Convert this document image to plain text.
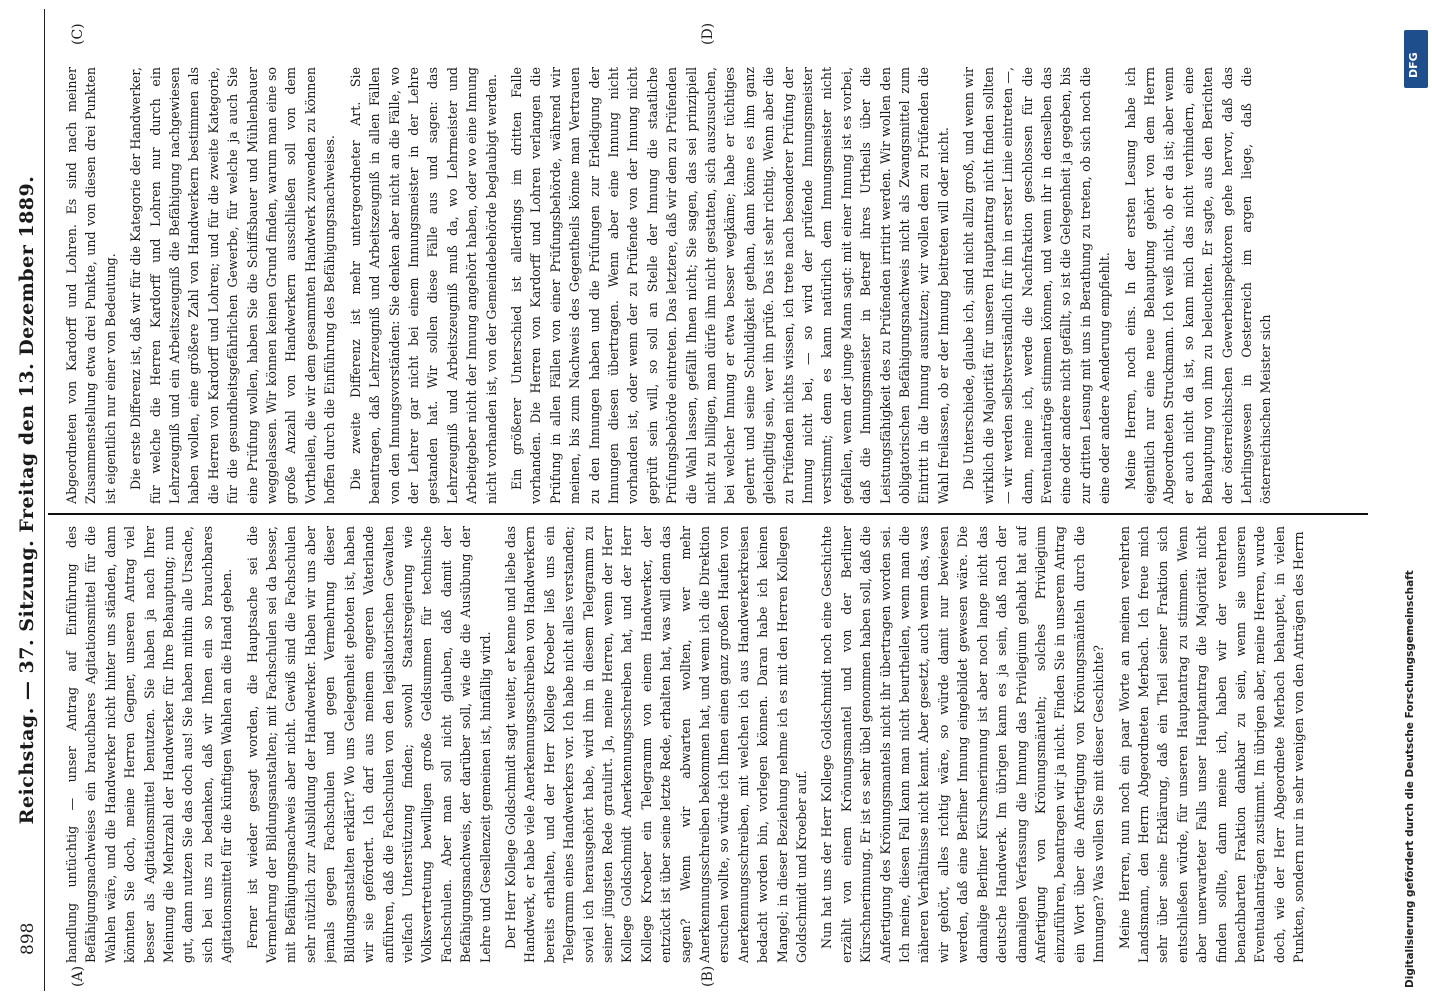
898
Reichstag. — 37. Sitzung. Freitag den 13. Dezember 1889.
(A)	(B)
(C)	(D)

handlung untüchtig — unser Antrag auf Einführung des Befähigungsnachweises ein brauchbares Agitationsmittel für die Wahlen wäre, und die Handwerker nicht hinter uns ständen, dann könnten Sie doch, meine Herren Gegner, unseren Antrag viel besser als Agitationsmittel benutzen. Sie haben ja nach Ihrer Meinung die Mehrzahl der Handwerker für Ihre Behauptung; nun gut, dann nutzen Sie das doch aus! Sie haben mithin alle Ursache, sich bei uns zu bedanken, daß wir Ihnen ein so brauchbares Agitationsmittel für die künftigen Wahlen an die Hand geben. Ferner ist wieder gesagt worden, die Hauptsache sei die Vermehrung der Bildungsanstalten; mit Fachschulen sei da besser, mit Befähigungsnachweis aber nicht. Gewiß sind die Fachschulen sehr nützlich zur Ausbildung der Handwerker. Haben wir uns aber jemals gegen Fachschulen und gegen Vermehrung dieser Bildungsanstalten erklärt? Wo uns Gelegenheit geboten ist, haben wir sie gefördert. Ich darf aus meinem engeren Vaterlande anführen, daß die Fachschulen von den legislatorischen Gewalten vielfach Unterstützung finden; sowohl Staatsregierung wie Volksvertretung bewilligen große Geldsummen für technische Fachschulen. Aber man soll nicht glauben, daß damit der Befähigungsnachweis, der darüber soll, wie die die Ausübung der Lehre und Gesellenzeit gemeinen ist, hinfällig wird. Der Herr Kollege Goldschmidt sagt weiter, er kenne und liebe das Handwerk, er habe viele Anerkennungsschreiben von Handwerkern bereits erhalten, und der Herr Kollege Kroeber ließ uns ein Telegramm eines Handwerkers vor. Ich habe nicht alles verstanden; soviel ich herausgehört habe, wird ihm in diesem Telegramm zu seiner jüngsten Rede gratulirt. Ja, meine Herren, wenn der Herr Kollege Goldschmidt Anerkennungsschreiben hat, und der Herr Kollege Kroeber ein Telegramm von einem Handwerker, der entzückt ist über seine letzte Rede, erhalten hat, was will denn das sagen? Wenn wir abwarten wollten, wer mehr Anerkennungsschreiben bekommen hat, und wenn ich die Direktion ersuchen wollte, so würde ich Ihnen einen ganz großen Haufen von Anerkennungsschreiben, mit welchen ich aus Handwerkerkreisen bedacht worden bin, vorlegen können. Daran habe ich keinen Mangel; in dieser Beziehung nehme ich es mit den Herren Kollegen Goldschmidt und Kroeber auf. Nun hat uns der Herr Kollege Goldschmidt noch eine Geschichte erzählt von einem Krönungsmantel und von der Berliner Kürschnerinnung. Er ist es sehr übel genommen haben soll, daß die Anfertigung des Krönungsmantels nicht ihr übertragen worden sei. Ich meine, diesen Fall kann man nicht beurtheilen, wenn man die näheren Verhältnisse nicht kennt. Aber gesetzt, auch wenn das, was wir gehört, alles richtig wäre, so würde damit nur bewiesen werden, daß eine Berliner Innung eingebildet gewesen wäre. Die damalige Berliner Kürschnerinnung ist aber noch lange nicht das deutsche Handwerk. Im übrigen kann es ja sein, daß nach der damaligen Verfassung die Innung das Privilegium gehabt hat auf Anfertigung von Krönungsmänteln; solches Privilegium einzuführen, beantragen wir ja nicht. Finden Sie in unserem Antrag ein Wort über die Anfertigung von Krönungsmänteln durch die Innungen? Was wollen Sie mit dieser Geschichte? Meine Herren, nun noch ein paar Worte an meinen verehrten Landsmann, den Herrn Abgeordneten Merbach. Ich freue mich sehr über seine Erklärung, daß ein Theil seiner Fraktion sich entschließen würde, für unseren Hauptantrag zu stimmen. Wenn aber unerwarteter Falls unser Hauptantrag die Majorität nicht finden sollte, dann meine ich, haben wir der verehrten benachbarten Fraktion dankbar zu sein, wenn sie unseren Eventualanträgen zustimmt. Im übrigen aber, meine Herren, wurde doch, wie der Herr Abgeordnete Merbach behauptet, in vielen Punkten, sondern nur in sehr wenigen von den Anträgen des Herrn

Abgeordneten von Kardorff und Lohren. Es sind nach meiner Zusammenstellung etwa drei Punkte, und von diesen drei Punkten ist eigentlich nur einer von Bedeutung. Die erste Differenz ist, daß wir für die Kategorie der Handwerker, für welche die Herren Kardorff und Lohren nur durch ein Lehrzeugniß und ein Arbeitszeugniß die Befähigung nachgewiesen haben wollen, eine größere Zahl von Handwerkern bestimmen als die Herren von Kardorff und Lohren; und für die zweite Kategorie, für die gesundheitsgefährlichen Gewerbe, für welche ja auch Sie eine Prüfung wollen, haben Sie die Schiffsbauer und Mühlenbauer weggelassen. Wir können keinen Grund finden, warum man eine so große Anzahl von Handwerkern ausschließen soll von dem Vortheilen, die wir dem gesammten Handwerk zuwenden zu können hoffen durch die Einführung des Befähigungsnachweises. Die zweite Differenz ist mehr untergeordneter Art. Sie beantragen, daß Lehrzeugniß und Arbeitszeugniß in allen Fällen von den Innungsvorständen: Sie denken aber nicht an die Fälle, wo der Lehrer gar nicht bei einem Innungsmeister in der Lehre gestanden hat. Wir sollen diese Fälle aus und sagen: das Lehrzeugniß und Arbeitszeugniß muß da, wo Lehrmeister und Arbeitgeber nicht der Innung angehört haben, oder wo eine Innung nicht vorhanden ist, von der Gemeindebehörde beglaubigt werden. Ein größerer Unterschied ist allerdings im dritten Falle vorhanden. Die Herren von Kardorff und Lohren verlangen die Prüfung in allen Fällen von einer Prüfungsbehörde, während wir meinen, bis zum Nachweis des Gegentheils könne man Vertrauen zu den Innungen haben und die Prüfungen zur Erledigung der Innungen diesen übertragen. Wenn aber eine Innung nicht vorhanden ist, oder wenn der zu Prüfende von der Innung nicht geprüft sein will, so soll an Stelle der Innung die staatliche Prüfungsbehörde eintreten. Das letztere, daß wir dem zu Prüfenden die Wahl lassen, gefällt Ihnen nicht; Sie sagen, das sei prinzipiell nicht zu billigen, man dürfe ihm nicht gestatten, sich auszusuchen, bei welcher Innung er etwa besser wegkäme; habe er tüchtiges gelernt und seine Schuldigkeit gethan, dann könne es ihm ganz gleichgiltig sein, wer ihn prüfe. Das ist sehr richtig. Wenn aber die zu Prüfenden nichts wissen, ich trete nach besonderer Prüfung der Innung nicht bei, — so wird der prüfende Innungsmeister verstimmt; denn es kann natürlich dem Innungsmeister nicht gefallen, wenn der junge Mann sagt: mit einer Innung ist es vorbei, daß die Innungsmeister in Betreff ihres Urtheils über die Leistungsfähigkeit des zu Prüfenden irritirt werden. Wir wollen den obligatorischen Befähigungsnachweis nicht als Zwangsmittel zum Eintritt in die Innung ausnutzen; wir wollen dem zu Prüfenden die Wahl freilassen, ob er der Innung beitreten will oder nicht. Die Unterschiede, glaube ich, sind nicht allzu groß, und wenn wir wirklich die Majorität für unseren Hauptantrag nicht finden sollten — wir werden selbstverständlich für ihn in erster Linie eintreten —, dann, meine ich, werde die Nachfraktion geschlossen für die Eventualanträge stimmen können, und wenn ihr in denselben das eine oder andere nicht gefällt, so ist die Gelegenheit ja gegeben, bis zur dritten Lesung mit uns in Berathung zu treten, ob sich noch die eine oder andere Aenderung empfiehlt. Meine Herren, noch eins. In der ersten Lesung habe ich eigentlich nur eine neue Behauptung gehört von dem Herrn Abgeordneten Struckmann. Ich weiß nicht, ob er da ist; aber wenn er auch nicht da ist, so kann mich das nicht verhindern, eine Behauptung von ihm zu beleuchten. Er sagte, aus den Berichten der österreichischen Gewerbeinspektoren gehe hervor, daß das Lehrlingswesen in Oesterreich im argen liege, daß die österreichischen Meister sich

Digitalisierung gefördert durch die Deutsche Forschungsgemeinschaft
DFG
